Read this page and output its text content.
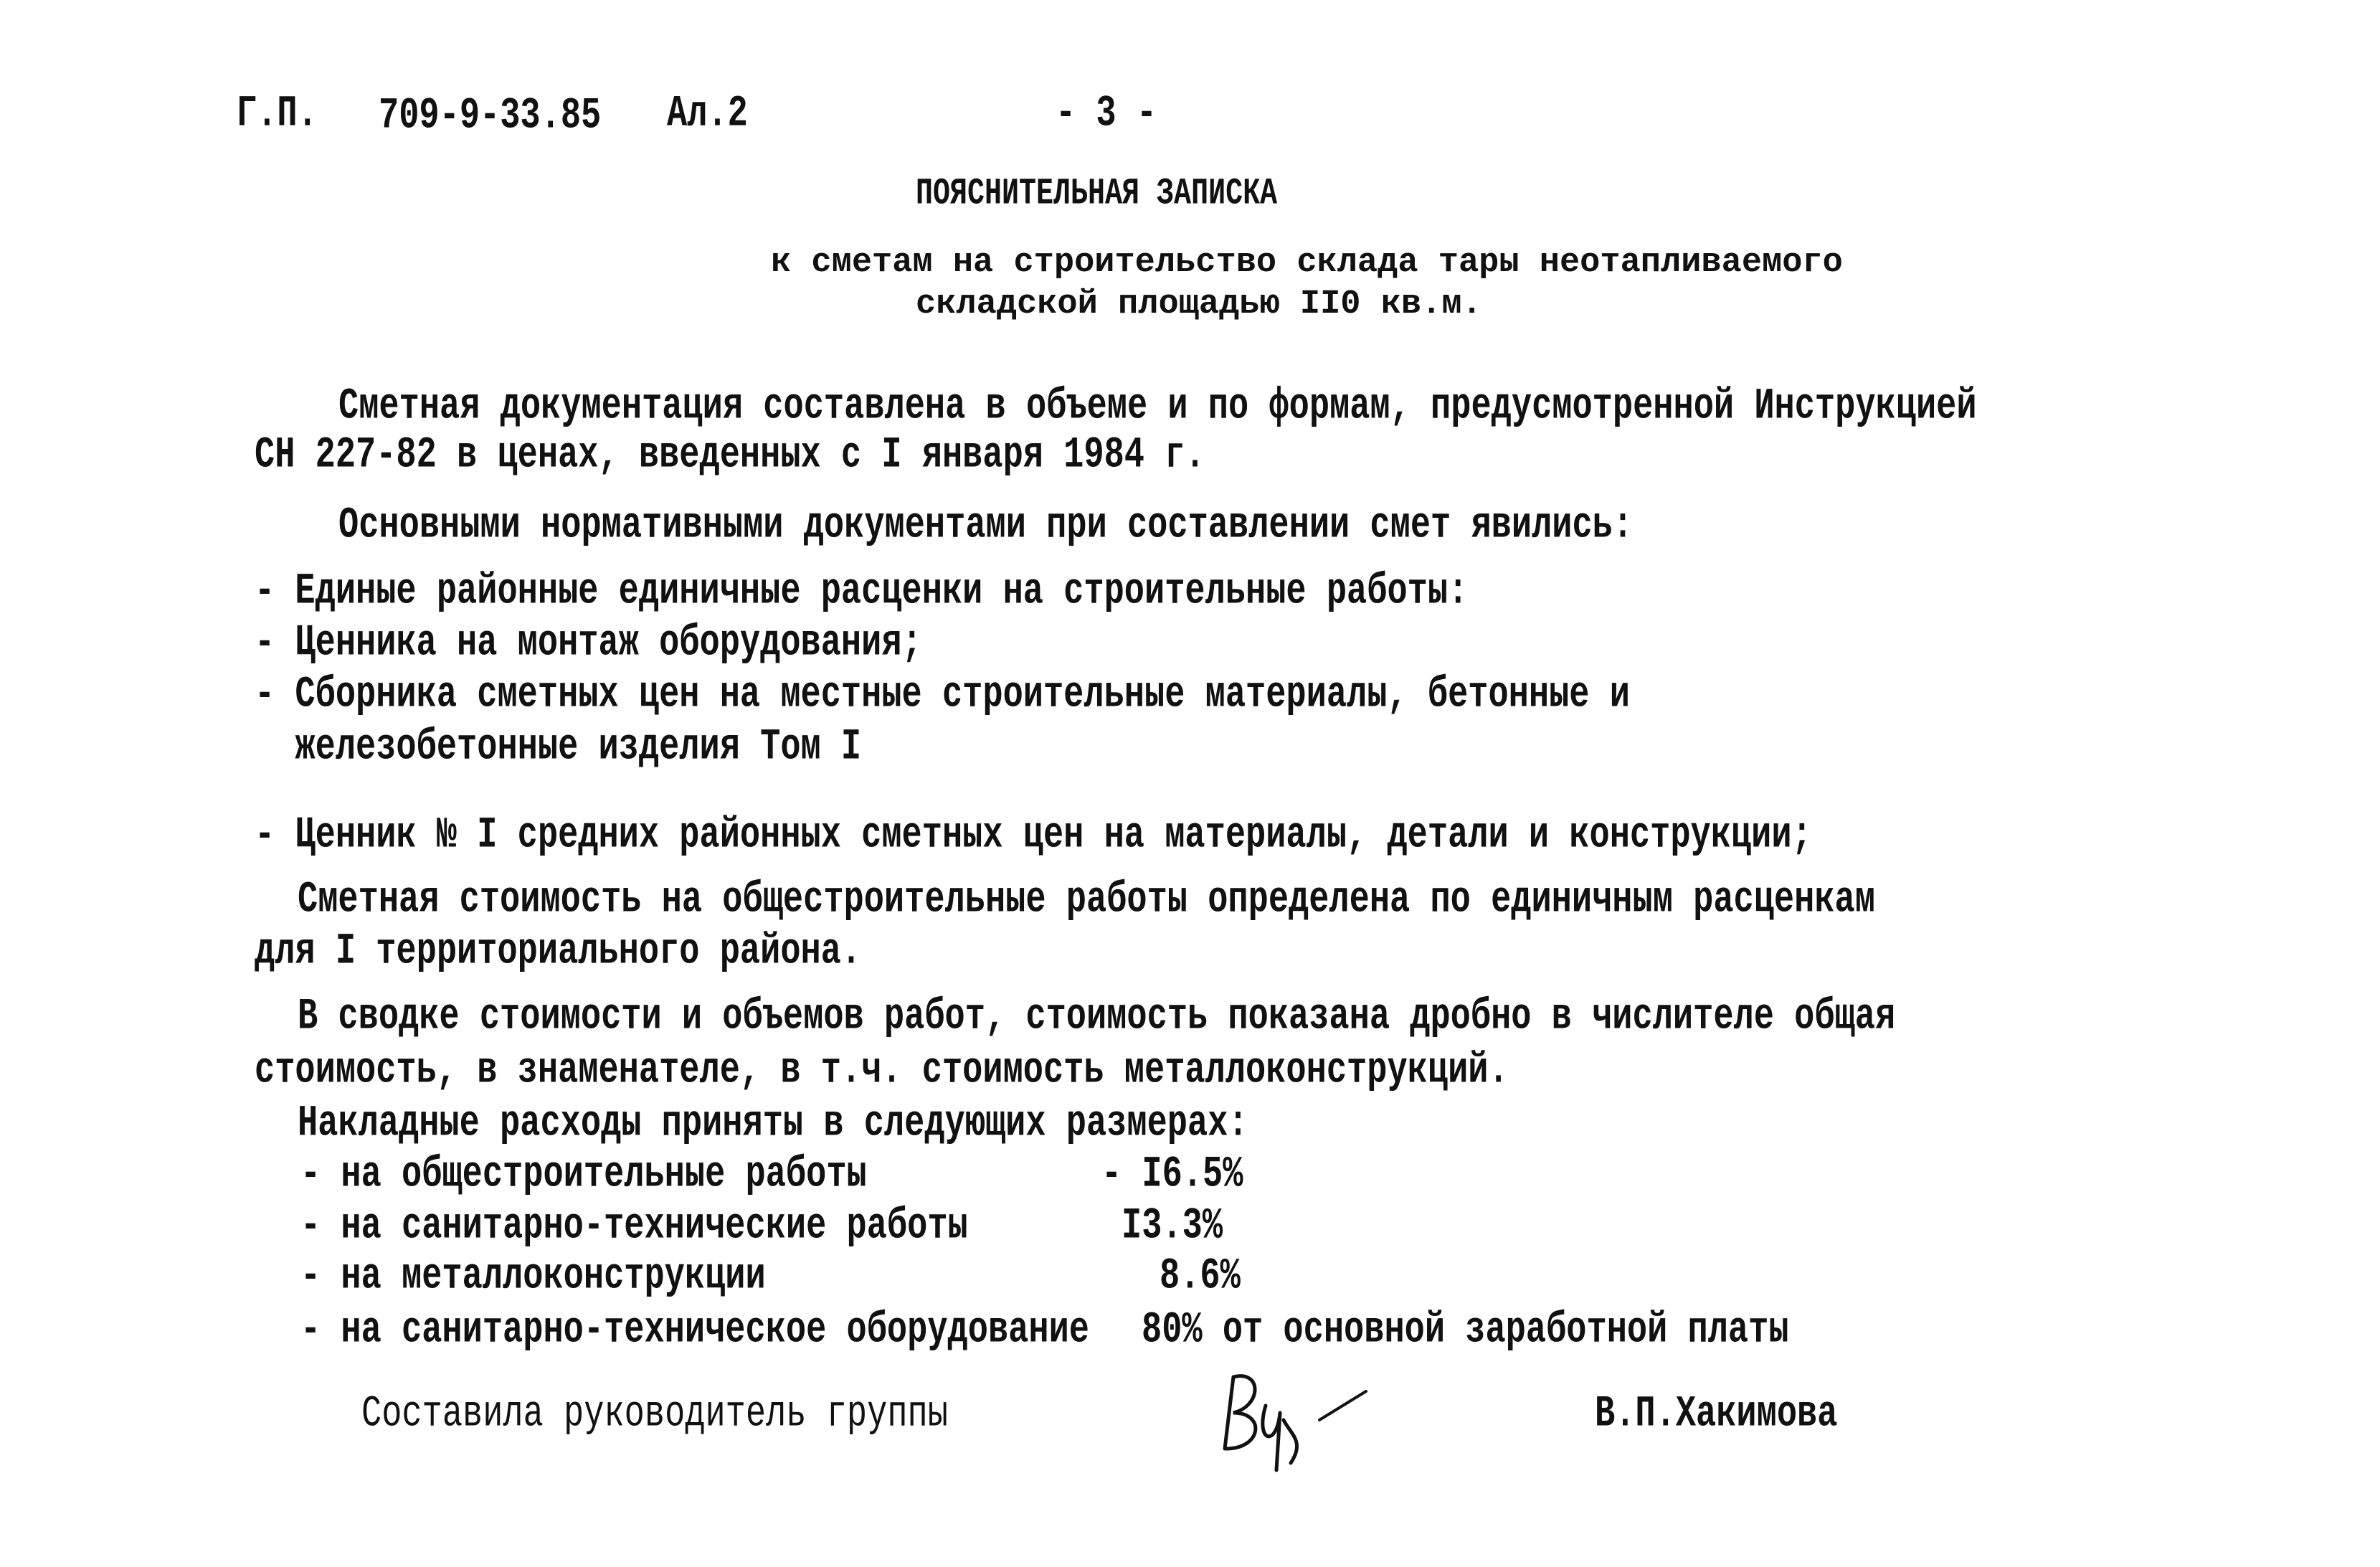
Г.П. 709-9-33.85 Ал.2	- 3 -
ПОЯСНИТЕЛЬНАЯ ЗАПИСКА
к сметам на строительство склада тары неотапливаемого
складской площадью II0 кв.м.
Сметная документация составлена в объеме и по формам, предусмотренной Инструкцией
СН 227-82 в ценах, введенных с I января 1984 г.
Основными нормативными документами при составлении смет явились:
- Единые районные единичные расценки на строительные работы:
- Ценника на монтаж оборудования;
- Сборника сметных цен на местные строительные материалы, бетонные и
железобетонные изделия Том I
- Ценник № I средних районных сметных цен на материалы, детали и конструкции;
Сметная стоимость на общестроительные работы определена по единичным расценкам
для I территориального района.
В сводке стоимости и объемов работ, стоимость показана дробно в числителе общая
стоимость, в знаменателе, в т.ч. стоимость металлоконструкций.
Накладные расходы приняты в следующих размерах:
- на общестроительные работы	- I6.5%
- на санитарно-технические работы	I3.3%
- на металлоконструкции	8.6%
- на санитарно-техническое оборудование 80% от основной заработной платы
Составила руководитель группы	В.П.Хакимова
